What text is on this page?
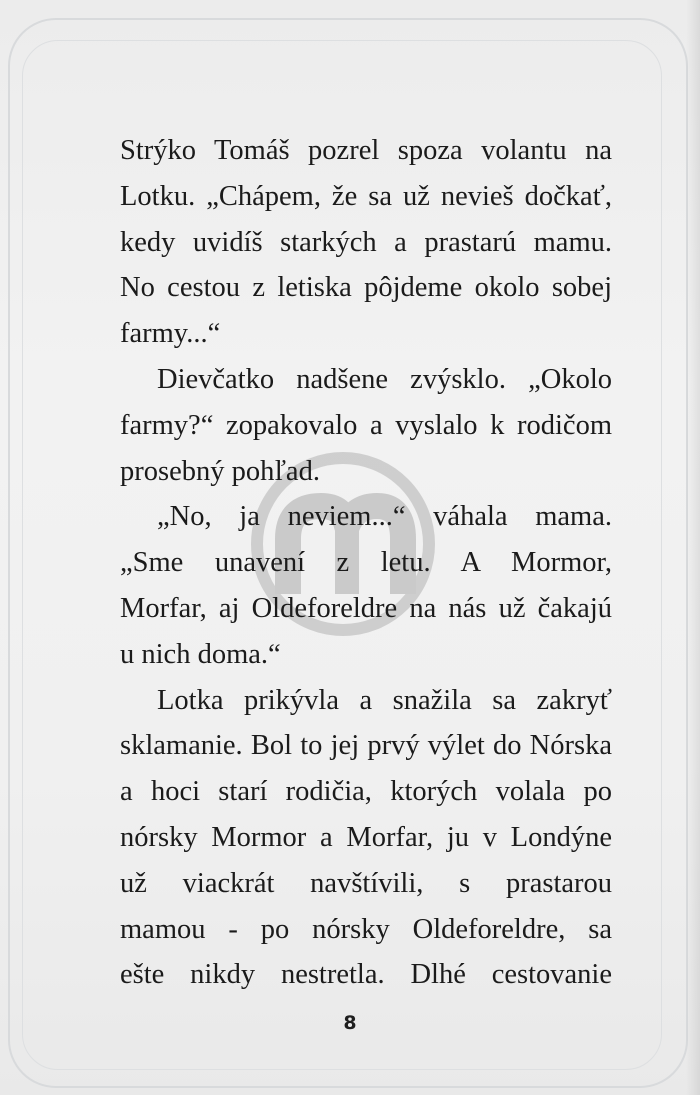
Strýko Tomáš pozrel spoza volantu na
Lotku. „Chápem, že sa už nevieš dočkať,
kedy uvidíš starkých a prastarú mamu.
No cestou z letiska pôjdeme okolo sobej
farmy...“
Dievčatko nadšene zvýsklo. „Okolo
farmy?“ zopakovalo a vyslalo k rodičom
prosebný pohľad.
„No, ja neviem...“ váhala mama.
„Sme unavení z letu. A Mormor,
Morfar, aj Oldeforeldre na nás už čakajú
u nich doma.“
Lotka prikývla a snažila sa zakryť
sklamanie. Bol to jej prvý výlet do Nórska
a hoci starí rodičia, ktorých volala po
nórsky Mormor a Morfar, ju v Londýne
už viackrát navštívili, s prastarou
mamou - po nórsky Oldeforeldre, sa
ešte nikdy nestretla. Dlhé cestovanie
8
